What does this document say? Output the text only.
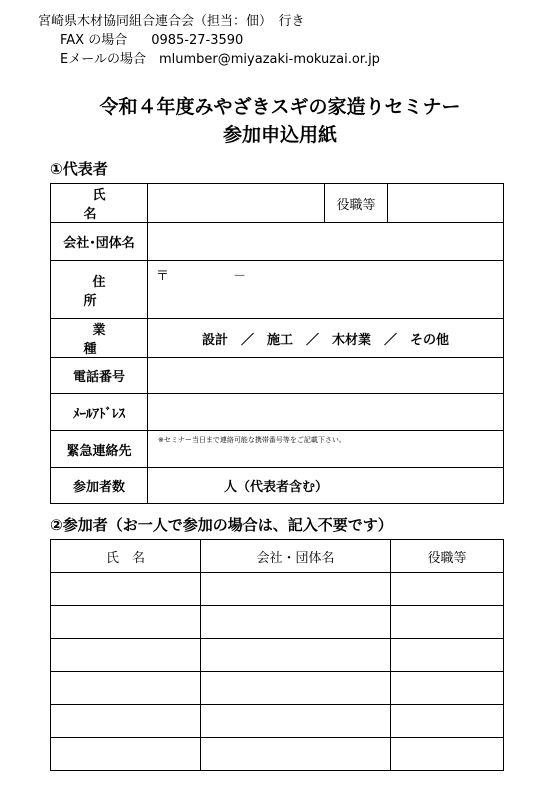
宮崎県木材協同組合連合会（担当：佃）　 行き
FAX の場合 0985-27-3590
Eメールの場合　 mlumber@miyazaki-mokuzai.or.jp
令和４年度みやざきスギの家造りセミナー
参加申込用紙
①代表者
氏　名		役職等	
会社･団体名			
住　所	〒 －		
業　種	設計　／　施工　／　木材業　／　その他		
電話番号			
ﾒｰﾙｱﾄﾞﾚｽ			
緊急連絡先	※セミナー当日まで連絡可能な携帯番号等をご記載下さい。		
参加者数	人（代表者含む）		
②参加者（お一人で参加の場合は、記入不要です）
氏　名	会社・団体名	役職等
